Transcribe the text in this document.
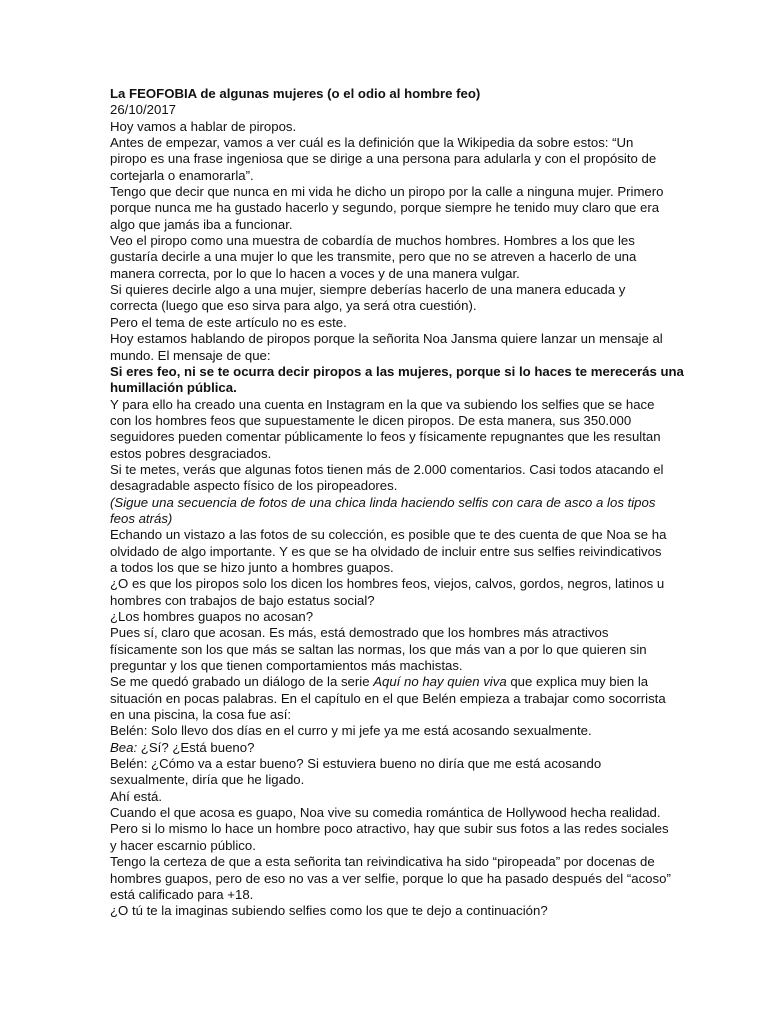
La FEOFOBIA de algunas mujeres (o el odio al hombre feo)
26/10/2017
Hoy vamos a hablar de piropos.
Antes de empezar, vamos a ver cuál es la definición que la Wikipedia da sobre estos: “Un
piropo es una frase ingeniosa que se dirige a una persona para adularla y con el propósito de
cortejarla o enamorarla”.
Tengo que decir que nunca en mi vida he dicho un piropo por la calle a ninguna mujer. Primero
porque nunca me ha gustado hacerlo y segundo, porque siempre he tenido muy claro que era
algo que jamás iba a funcionar.
Veo el piropo como una muestra de cobardía de muchos hombres. Hombres a los que les
gustaría decirle a una mujer lo que les transmite, pero que no se atreven a hacerlo de una
manera correcta, por lo que lo hacen a voces y de una manera vulgar.
Si quieres decirle algo a una mujer, siempre deberías hacerlo de una manera educada y
correcta (luego que eso sirva para algo, ya será otra cuestión).
Pero el tema de este artículo no es este.
Hoy estamos hablando de piropos porque la señorita Noa Jansma quiere lanzar un mensaje al
mundo. El mensaje de que:
Si eres feo, ni se te ocurra decir piropos a las mujeres, porque si lo haces te merecerás una
humillación pública.
Y para ello ha creado una cuenta en Instagram en la que va subiendo los selfies que se hace
con los hombres feos que supuestamente le dicen piropos. De esta manera, sus 350.000
seguidores pueden comentar públicamente lo feos y físicamente repugnantes que les resultan
estos pobres desgraciados.
Si te metes, verás que algunas fotos tienen más de 2.000 comentarios. Casi todos atacando el
desagradable aspecto físico de los piropeadores.
(Sigue una secuencia de fotos de una chica linda haciendo selfis con cara de asco a los tipos
feos atrás)
Echando un vistazo a las fotos de su colección, es posible que te des cuenta de que Noa se ha
olvidado de algo importante. Y es que se ha olvidado de incluir entre sus selfies reivindicativos
a todos los que se hizo junto a hombres guapos.
¿O es que los piropos solo los dicen los hombres feos, viejos, calvos, gordos, negros, latinos u
hombres con trabajos de bajo estatus social?
¿Los hombres guapos no acosan?
Pues sí, claro que acosan. Es más, está demostrado que los hombres más atractivos
físicamente son los que más se saltan las normas, los que más van a por lo que quieren sin
preguntar y los que tienen comportamientos más machistas.
Se me quedó grabado un diálogo de la serie Aquí no hay quien viva que explica muy bien la
situación en pocas palabras. En el capítulo en el que Belén empieza a trabajar como socorrista
en una piscina, la cosa fue así:
Belén: Solo llevo dos días en el curro y mi jefe ya me está acosando sexualmente.
Bea: ¿Sí? ¿Está bueno?
Belén: ¿Cómo va a estar bueno? Si estuviera bueno no diría que me está acosando
sexualmente, diría que he ligado.
Ahí está.
Cuando el que acosa es guapo, Noa vive su comedia romántica de Hollywood hecha realidad.
Pero si lo mismo lo hace un hombre poco atractivo, hay que subir sus fotos a las redes sociales
y hacer escarnio público.
Tengo la certeza de que a esta señorita tan reivindicativa ha sido “piropeada” por docenas de
hombres guapos, pero de eso no vas a ver selfie, porque lo que ha pasado después del “acoso”
está calificado para +18.
¿O tú te la imaginas subiendo selfies como los que te dejo a continuación?
